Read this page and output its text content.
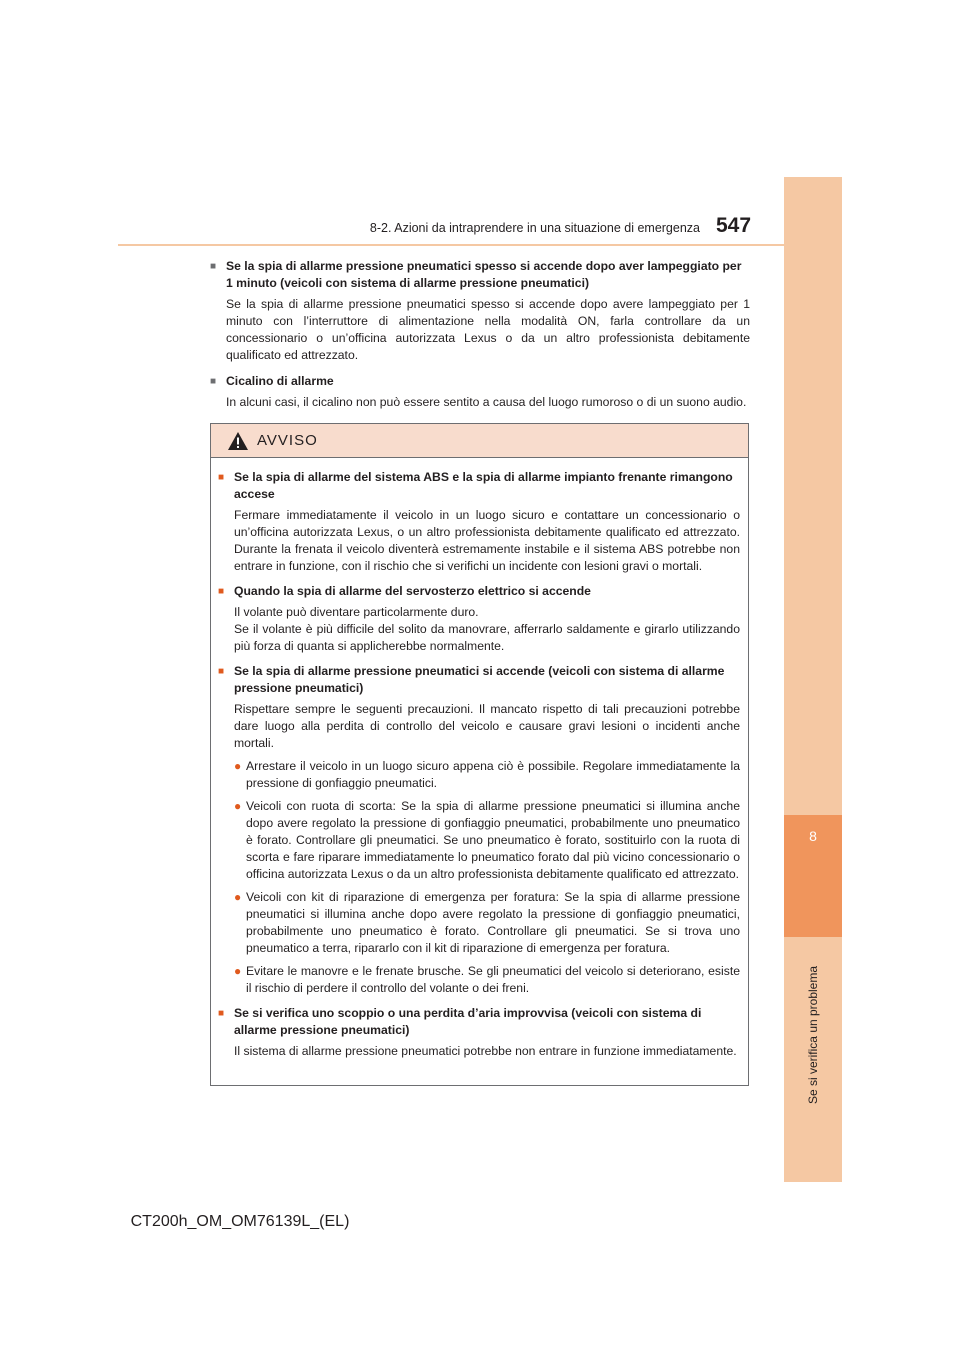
8
Se si verifica un problema
8-2. Azioni da intraprendere in una situazione di emergenza 547
■ Se la spia di allarme pressione pneumatici spesso si accende dopo aver lampeggiato per 1 minuto (veicoli con sistema di allarme pressione pneumatici)
Se la spia di allarme pressione pneumatici spesso si accende dopo avere lampeggiato per 1 minuto con l’interruttore di alimentazione nella modalità ON, farla controllare da un concessionario o un’officina autorizzata Lexus o da un altro professionista debitamente qualificato ed attrezzato.
■ Cicalino di allarme
In alcuni casi, il cicalino non può essere sentito a causa del luogo rumoroso o di un suono audio.
AVVISO
■ Se la spia di allarme del sistema ABS e la spia di allarme impianto frenante rimangono accese
Fermare immediatamente il veicolo in un luogo sicuro e contattare un concessionario o un’officina autorizzata Lexus, o un altro professionista debitamente qualificato ed attrezzato. Durante la frenata il veicolo diventerà estremamente instabile e il sistema ABS potrebbe non entrare in funzione, con il rischio che si verifichi un incidente con lesioni gravi o mortali.
■ Quando la spia di allarme del servosterzo elettrico si accende
Il volante può diventare particolarmente duro.
Se il volante è più difficile del solito da manovrare, afferrarlo saldamente e girarlo utilizzando più forza di quanta si applicherebbe normalmente.
■ Se la spia di allarme pressione pneumatici si accende (veicoli con sistema di allarme pressione pneumatici)
Rispettare sempre le seguenti precauzioni. Il mancato rispetto di tali precauzioni potrebbe dare luogo alla perdita di controllo del veicolo e causare gravi lesioni o incidenti anche mortali.
● Arrestare il veicolo in un luogo sicuro appena ciò è possibile. Regolare immediatamente la pressione di gonfiaggio pneumatici.
● Veicoli con ruota di scorta: Se la spia di allarme pressione pneumatici si illumina anche dopo avere regolato la pressione di gonfiaggio pneumatici, probabilmente uno pneumatico è forato. Controllare gli pneumatici. Se uno pneumatico è forato, sostituirlo con la ruota di scorta e fare riparare immediatamente lo pneumatico forato dal più vicino concessionario o officina autorizzata Lexus o da un altro professionista debitamente qualificato ed attrezzato.
● Veicoli con kit di riparazione di emergenza per foratura: Se la spia di allarme pressione pneumatici si illumina anche dopo avere regolato la pressione di gonfiaggio pneumatici, probabilmente uno pneumatico è forato. Controllare gli pneumatici. Se si trova uno pneumatico a terra, ripararlo con il kit di riparazione di emergenza per foratura.
● Evitare le manovre e le frenate brusche. Se gli pneumatici del veicolo si deteriorano, esiste il rischio di perdere il controllo del volante o dei freni.
■ Se si verifica uno scoppio o una perdita d’aria improvvisa (veicoli con sistema di allarme pressione pneumatici)
Il sistema di allarme pressione pneumatici potrebbe non entrare in funzione immediatamente.
CT200h_OM_OM76139L_(EL)
